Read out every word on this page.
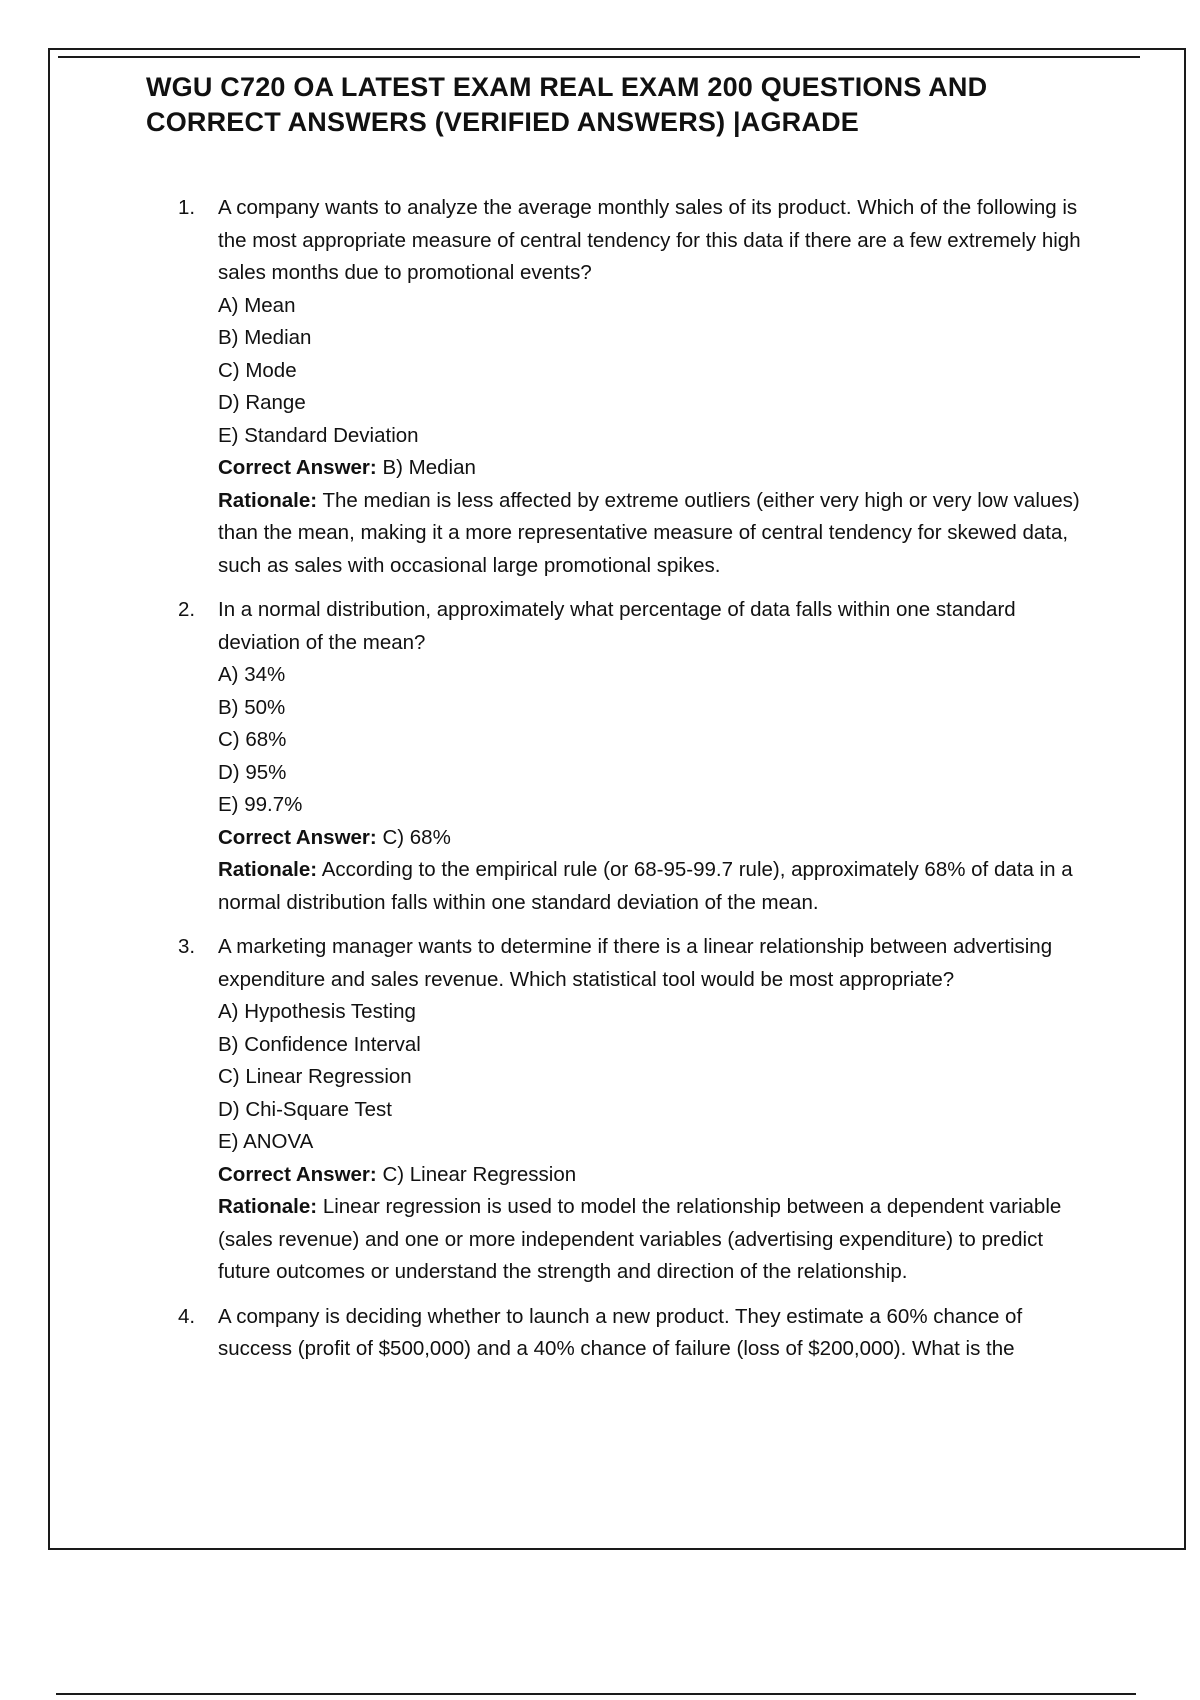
WGU C720 OA LATEST EXAM REAL EXAM 200 QUESTIONS AND CORRECT ANSWERS (VERIFIED ANSWERS) |AGRADE
1. A company wants to analyze the average monthly sales of its product. Which of the following is the most appropriate measure of central tendency for this data if there are a few extremely high sales months due to promotional events?
A) Mean
B) Median
C) Mode
D) Range
E) Standard Deviation
Correct Answer: B) Median
Rationale: The median is less affected by extreme outliers (either very high or very low values) than the mean, making it a more representative measure of central tendency for skewed data, such as sales with occasional large promotional spikes.
2. In a normal distribution, approximately what percentage of data falls within one standard deviation of the mean?
A) 34%
B) 50%
C) 68%
D) 95%
E) 99.7%
Correct Answer: C) 68%
Rationale: According to the empirical rule (or 68-95-99.7 rule), approximately 68% of data in a normal distribution falls within one standard deviation of the mean.
3. A marketing manager wants to determine if there is a linear relationship between advertising expenditure and sales revenue. Which statistical tool would be most appropriate?
A) Hypothesis Testing
B) Confidence Interval
C) Linear Regression
D) Chi-Square Test
E) ANOVA
Correct Answer: C) Linear Regression
Rationale: Linear regression is used to model the relationship between a dependent variable (sales revenue) and one or more independent variables (advertising expenditure) to predict future outcomes or understand the strength and direction of the relationship.
4. A company is deciding whether to launch a new product. They estimate a 60% chance of success (profit of $500,000) and a 40% chance of failure (loss of $200,000). What is the
